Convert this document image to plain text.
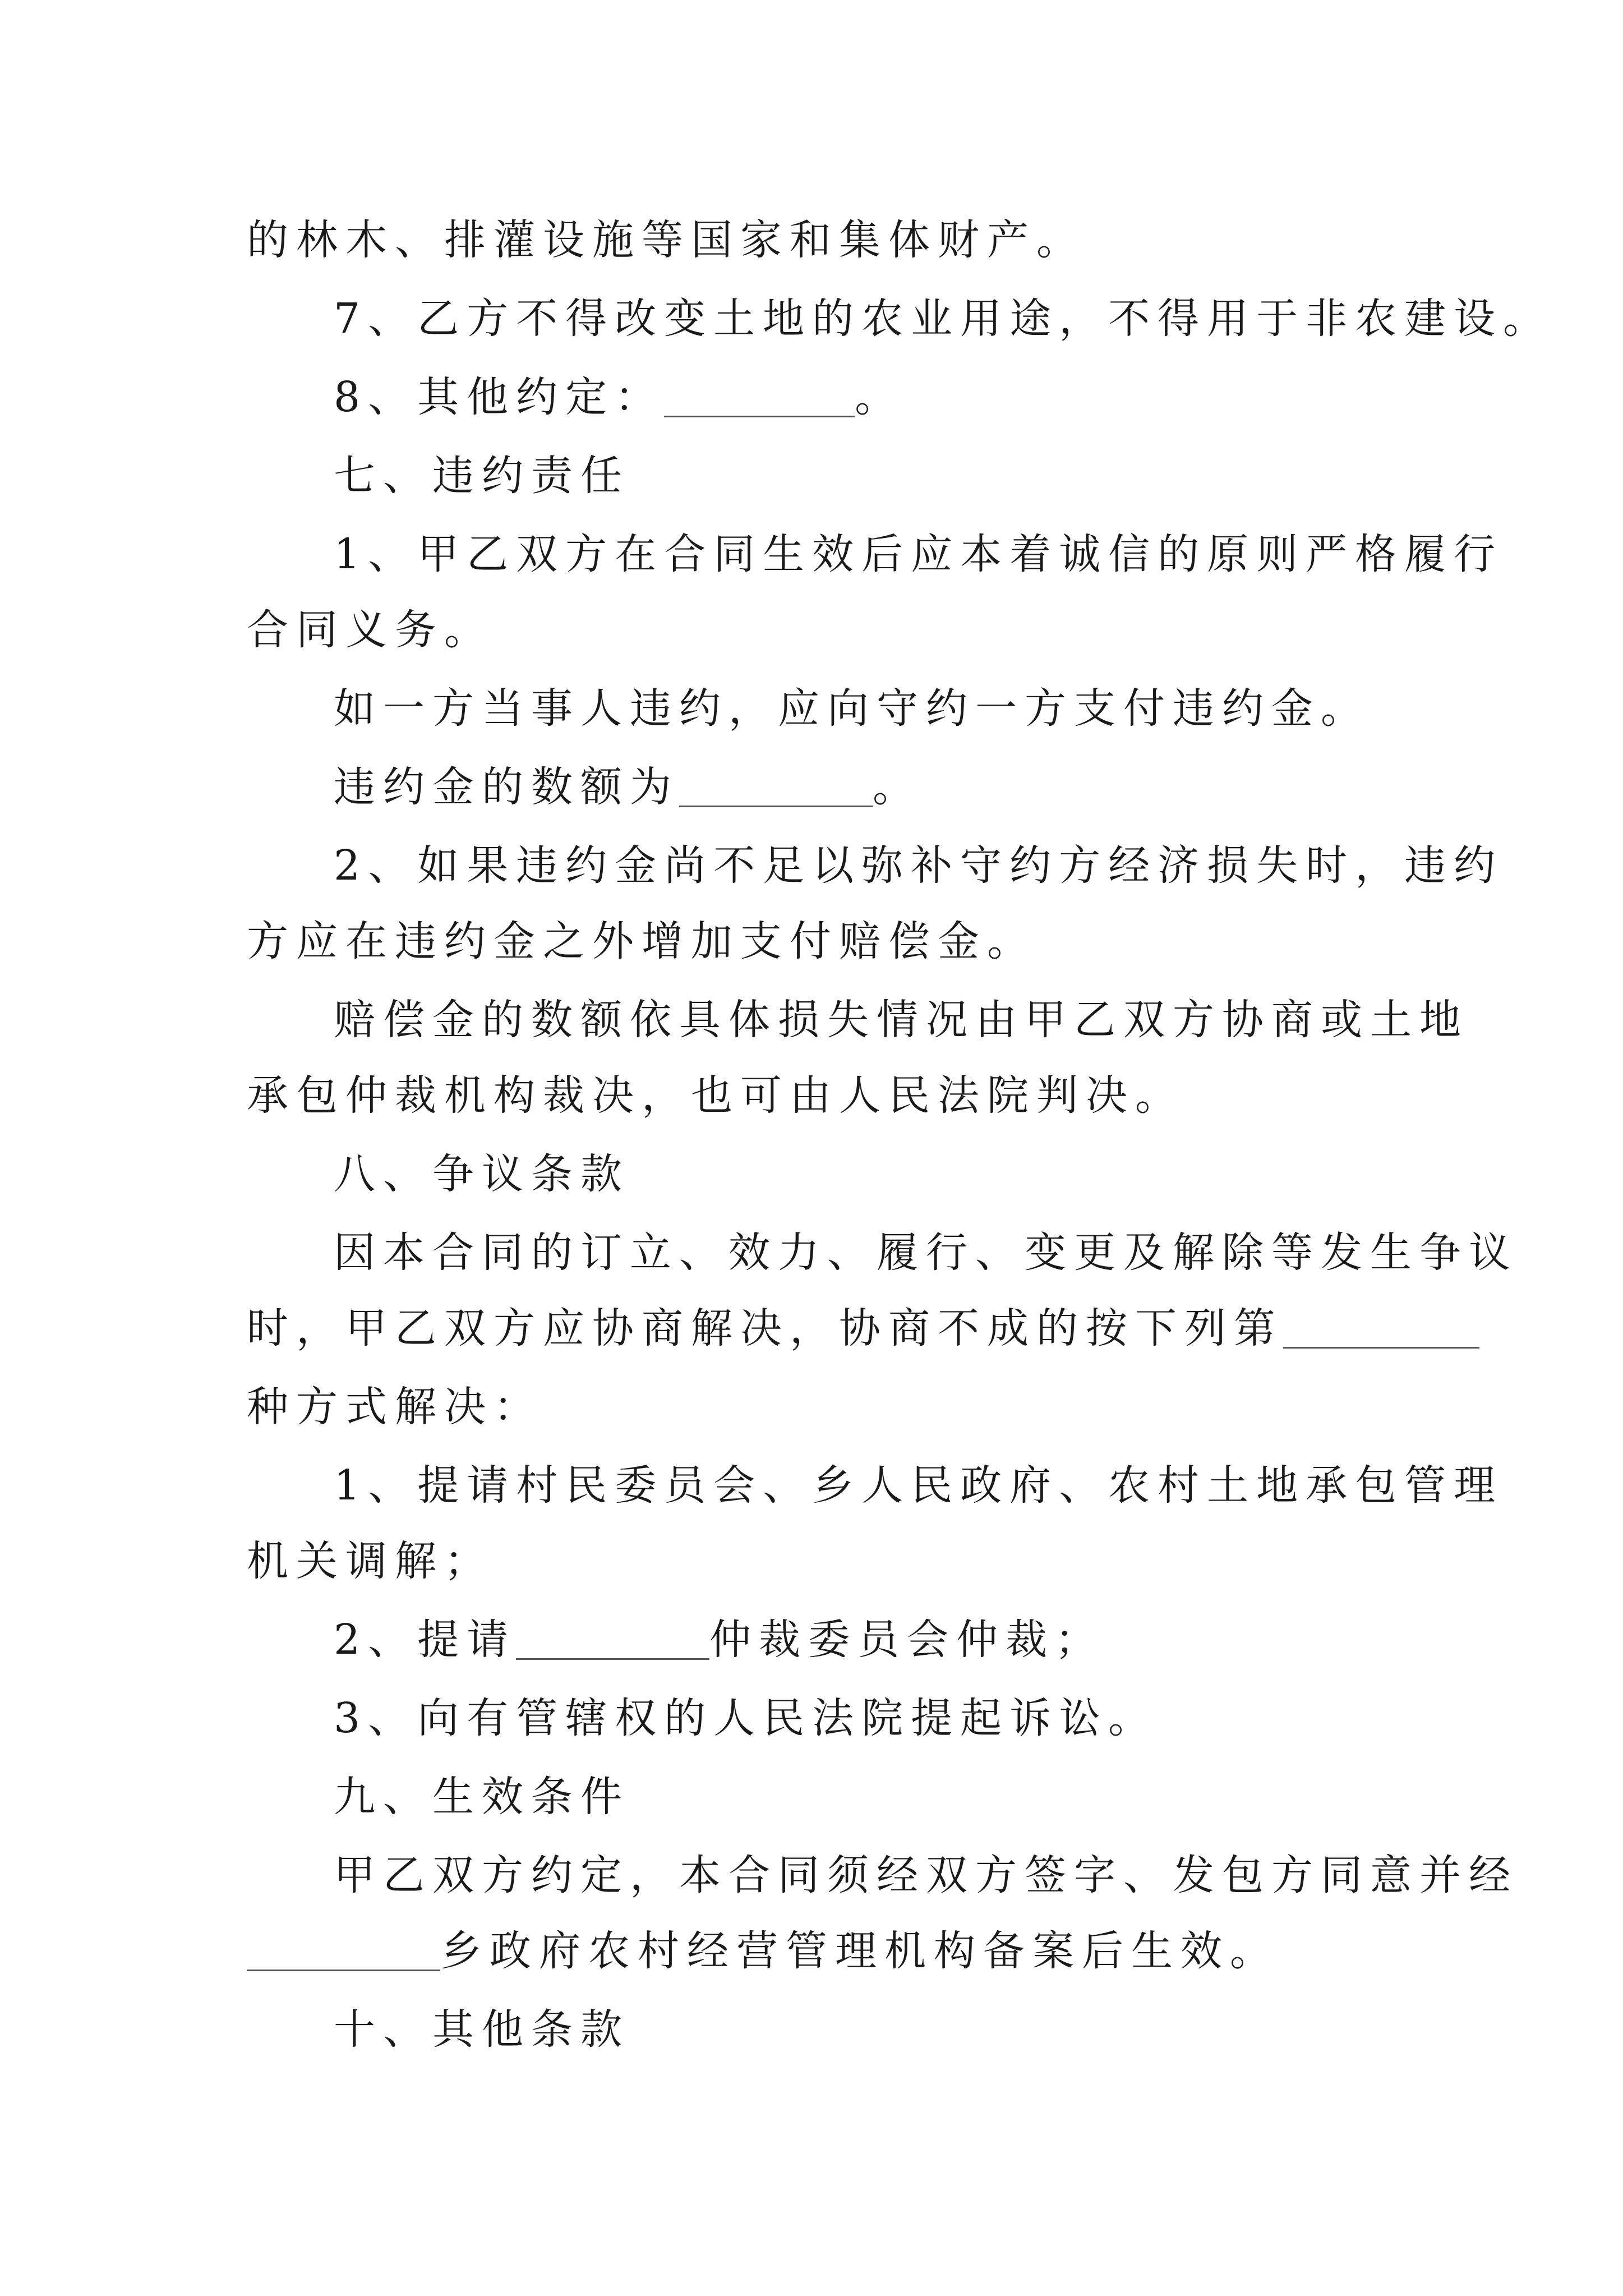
的林木、排灌设施等国家和集体财产。
7、乙方不得改变土地的农业用途，不得用于非农建设。
8、其他约定：	。
七、违约责任
1、甲乙双方在合同生效后应本着诚信的原则严格履行
合同义务。
如一方当事人违约，应向守约一方支付违约金。
违约金的数额为	。
2、如果违约金尚不足以弥补守约方经济损失时，违约
方应在违约金之外增加支付赔偿金。
赔偿金的数额依具体损失情况由甲乙双方协商或土地
承包仲裁机构裁决，也可由人民法院判决。
八、争议条款
因本合同的订立、效力、履行、变更及解除等发生争议
时，甲乙双方应协商解决，协商不成的按下列第
种方式解决：
1、提请村民委员会、乡人民政府、农村土地承包管理
机关调解；
2、提请	仲裁委员会仲裁；
3、向有管辖权的人民法院提起诉讼。
九、生效条件
甲乙双方约定，本合同须经双方签字、发包方同意并经
乡政府农村经营管理机构备案后生效。
十、其他条款
